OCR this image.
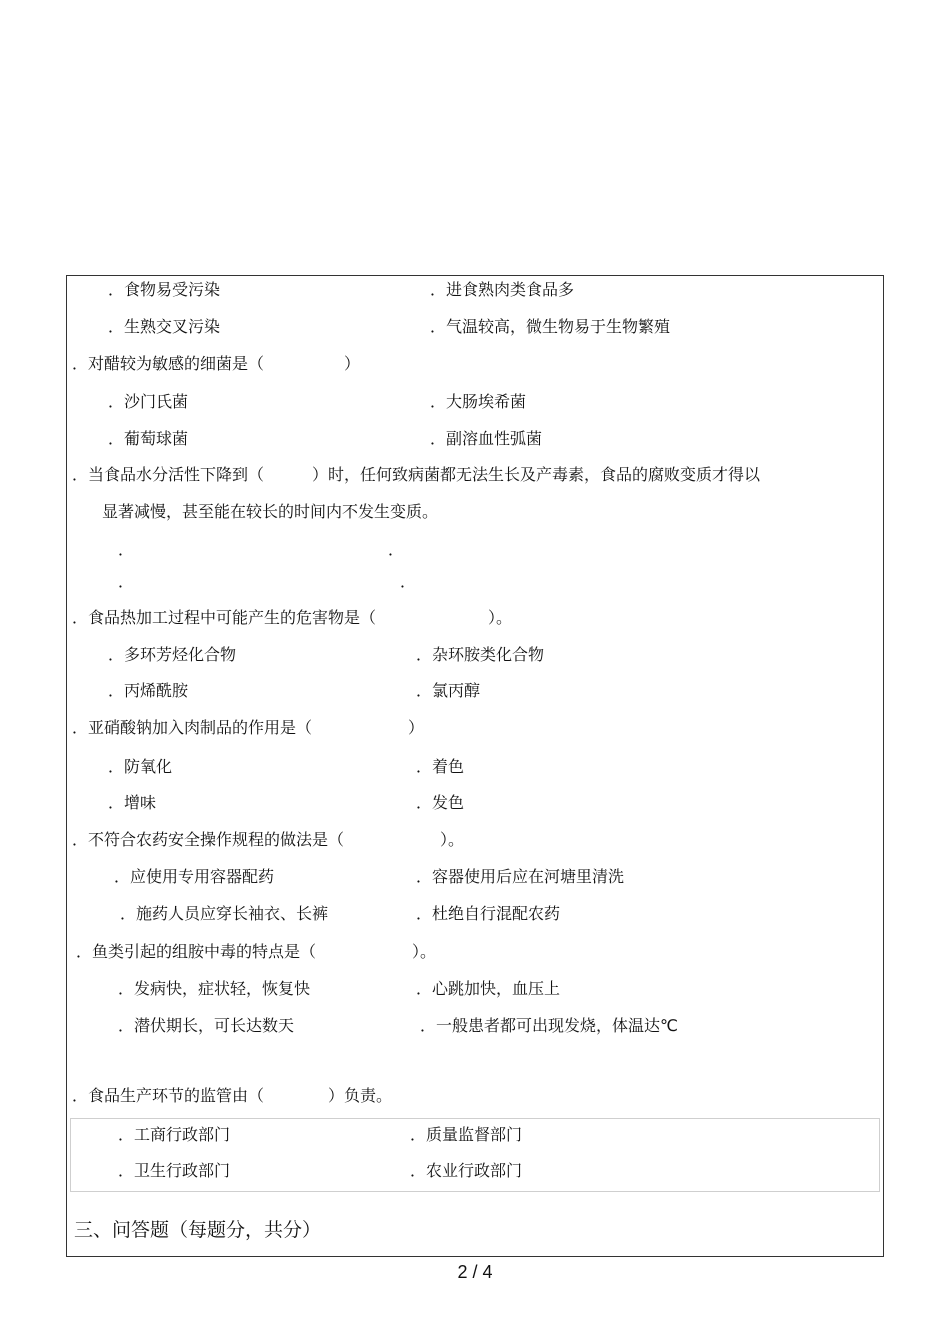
．食物易受污染	．进食熟肉类食品多
．生熟交叉污染	．气温较高，微生物易于生物繁殖
．对醋较为敏感的细菌是（　　　　　）
．沙门氏菌	．大肠埃希菌
．葡萄球菌	．副溶血性弧菌
．当食品水分活性下降到（　　　）时，任何致病菌都无法生长及产毒素，食品的腐败变质才得以
显著减慢，甚至能在较长的时间内不发生变质。
．	．
．	．
．食品热加工过程中可能产生的危害物是（　　　　　　　）。
．多环芳烃化合物	．杂环胺类化合物
．丙烯酰胺	．氯丙醇
．亚硝酸钠加入肉制品的作用是（　　　　　　）
．防氧化	．着色
．增味	．发色
．不符合农药安全操作规程的做法是（　　　　　　）。
．应使用专用容器配药	．容器使用后应在河塘里清洗
．施药人员应穿长袖衣、长裤	．杜绝自行混配农药
．鱼类引起的组胺中毒的特点是（　　　　　　）。
．发病快，症状轻，恢复快	．心跳加快，血压上
．潜伏期长，可长达数天	．一般患者都可出现发烧，体温达℃
．食品生产环节的监管由（　　　　）负责。
．工商行政部门	．质量监督部门
．卫生行政部门	．农业行政部门
三、问答题（每题分，共分）
2 / 4
